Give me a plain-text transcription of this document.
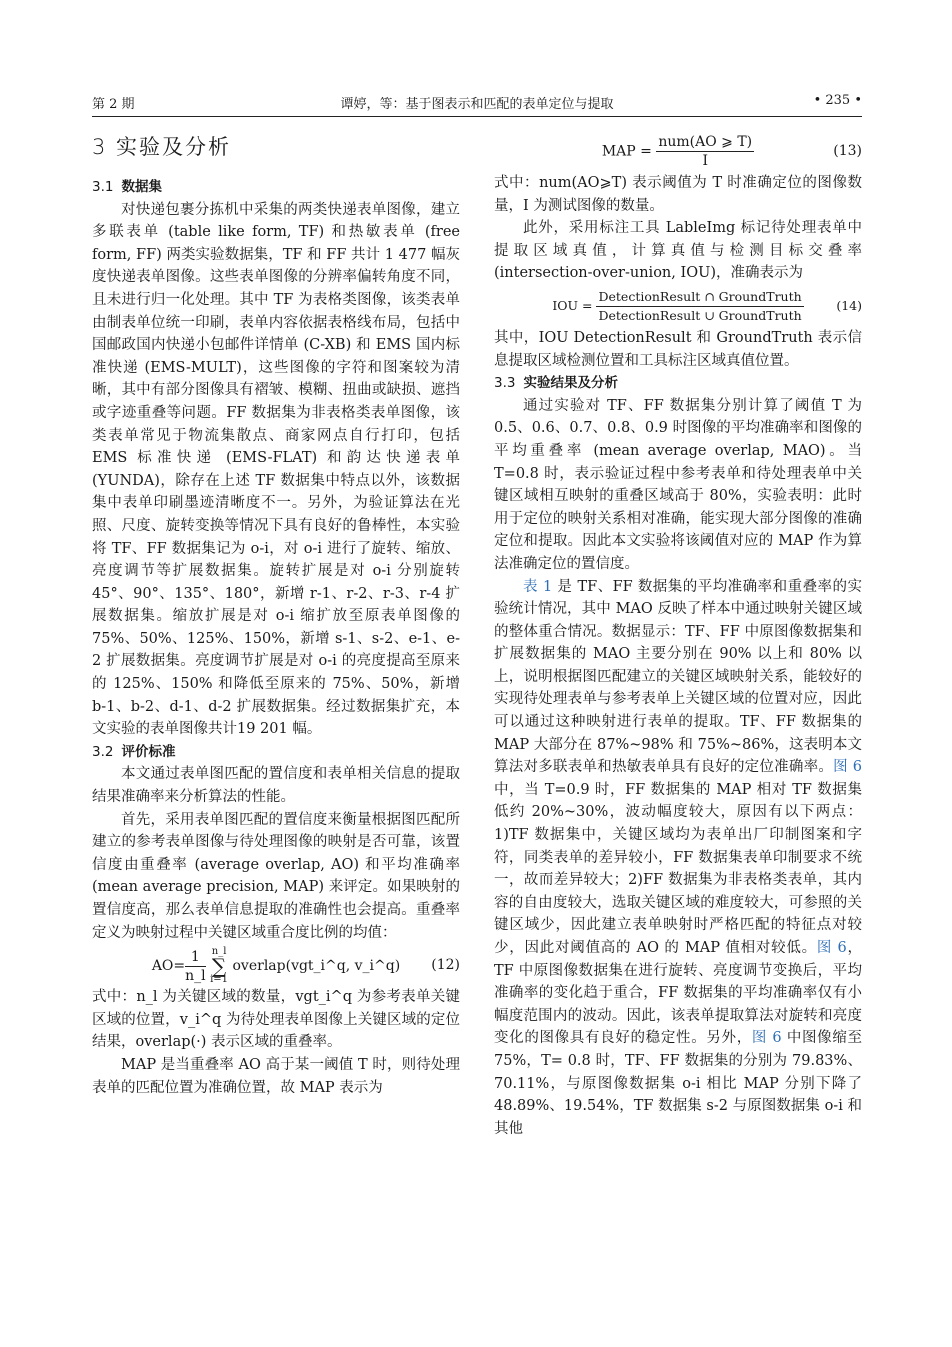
第 2 期	谭婷，等：基于图表示和匹配的表单定位与提取	• 235 •
3 实验及分析
3.1 数据集

对快递包裹分拣机中采集的两类快递表单图像，建立多联表单 (table like form, TF) 和热敏表单 (free form, FF) 两类实验数据集，TF 和 FF 共计 1 477 幅灰度快递表单图像。这些表单图像的分辨率偏转角度不同，且未进行归一化处理。其中 TF 为表格类图像，该类表单由制表单位统一印刷，表单内容依据表格线布局，包括中国邮政国内快递小包邮件详情单 (C-XB) 和 EMS 国内标准快递 (EMS-MULT)，这些图像的字符和图案较为清晰，其中有部分图像具有褶皱、模糊、扭曲或缺损、遮挡或字迹重叠等问题。FF 数据集为非表格类表单图像，该类表单常见于物流集散点、商家网点自行打印，包括 EMS 标准快递 (EMS-FLAT) 和韵达快递表单 (YUNDA)，除存在上述 TF 数据集中特点以外，该数据集中表单印刷墨迹清晰度不一。另外，为验证算法在光照、尺度、旋转变换等情况下具有良好的鲁棒性，本实验将 TF、FF 数据集记为 o-i，对 o-i 进行了旋转、缩放、亮度调节等扩展数据集。旋转扩展是对 o-i 分别旋转 45°、90°、135°、180°，新增 r-1、r-2、r-3、r-4 扩展数据集。缩放扩展是对 o-i 缩扩放至原表单图像的 75%、50%、125%、150%，新增 s-1、s-2、e-1、e-2 扩展数据集。亮度调节扩展是对 o-i 的亮度提高至原来的 125%、150% 和降低至原来的 75%、50%，新增 b-1、b-2、d-1、d-2 扩展数据集。经过数据集扩充，本文实验的表单图像共计19 201 幅。

3.2 评价标准

本文通过表单图匹配的置信度和表单相关信息的提取结果准确率来分析算法的性能。

首先，采用表单图匹配的置信度来衡量根据图匹配所建立的参考表单图像与待处理图像的映射是否可靠，该置信度由重叠率 (average overlap, AO) 和平均准确率 (mean average precision, MAP) 来评定。如果映射的置信度高，那么表单信息提取的准确性也会提高。重叠率定义为映射过程中关键区域重合度比例的均值：

$AO= \frac{1}{n\_l}$
n_l
∑
i=1
overlap(vgt_i^q, v_i^q) (12)

式中：n_l 为关键区域的数量，vgt_i^q 为参考表单关键区域的位置，v_i^q 为待处理表单图像上关键区域的定位结果，overlap(·) 表示区域的重叠率。

MAP 是当重叠率 AO 高于某一阈值 T 时，则待处理表单的匹配位置为准确位置，故 MAP 表示为

MAP = $\frac{\text{num(AO ⩾ T)}}{I}$	(13)

式中：num(AO⩾T) 表示阈值为 T 时准确定位的图像数量，I 为测试图像的数量。

此外，采用标注工具 LableImg 标记待处理表单中提取区域真值，计算真值与检测目标交叠率 (intersection-over-union, IOU)，准确表示为

IOU = $\frac{\text{DetectionResult ∩ GroundTruth}}{\text{DetectionResult ∪ GroundTruth}}$	(14)

其中，IOU DetectionResult 和 GroundTruth 表示信息提取区域检测位置和工具标注区域真值位置。

3.3 实验结果及分析

通过实验对 TF、FF 数据集分别计算了阈值 T 为 0.5、0.6、0.7、0.8、0.9 时图像的平均准确率和图像的平均重叠率 (mean average overlap, MAO)。当 T=0.8 时，表示验证过程中参考表单和待处理表单中关键区域相互映射的重叠区域高于 80%，实验表明：此时用于定位的映射关系相对准确，能实现大部分图像的准确定位和提取。因此本文实验将该阈值对应的 MAP 作为算法准确定位的置信度。

表 1 是 TF、FF 数据集的平均准确率和重叠率的实验统计情况，其中 MAO 反映了样本中通过映射关键区域的整体重合情况。数据显示：TF、FF 中原图像数据集和扩展数据集的 MAO 主要分别在 90% 以上和 80% 以上，说明根据图匹配建立的关键区域映射关系，能较好的实现待处理表单与参考表单上关键区域的位置对应，因此可以通过这种映射进行表单的提取。TF、FF 数据集的 MAP 大部分在 87%~98% 和 75%~86%，这表明本文算法对多联表单和热敏表单具有良好的定位准确率。图 6 中，当 T=0.9 时，FF 数据集的 MAP 相对 TF 数据集低约 20%~30%，波动幅度较大，原因有以下两点：1)TF 数据集中，关键区域均为表单出厂印制图案和字符，同类表单的差异较小，FF 数据集表单印制要求不统一，故而差异较大；2)FF 数据集为非表格类表单，其内容的自由度较大，选取关键区域的难度较大，可参照的关键区域少，因此建立表单映射时严格匹配的特征点对较少，因此对阈值高的 AO 的 MAP 值相对较低。图 6，TF 中原图像数据集在进行旋转、亮度调节变换后，平均准确率的变化趋于重合，FF 数据集的平均准确率仅有小幅度范围内的波动。因此，该表单提取算法对旋转和亮度变化的图像具有良好的稳定性。另外，图 6 中图像缩至 75%，T= 0.8 时，TF、FF 数据集的分别为 79.83%、70.11%，与原图像数据集 o-i 相比 MAP 分别下降了 48.89%、19.54%，TF 数据集 s-2 与原图数据集 o-i 和其他
